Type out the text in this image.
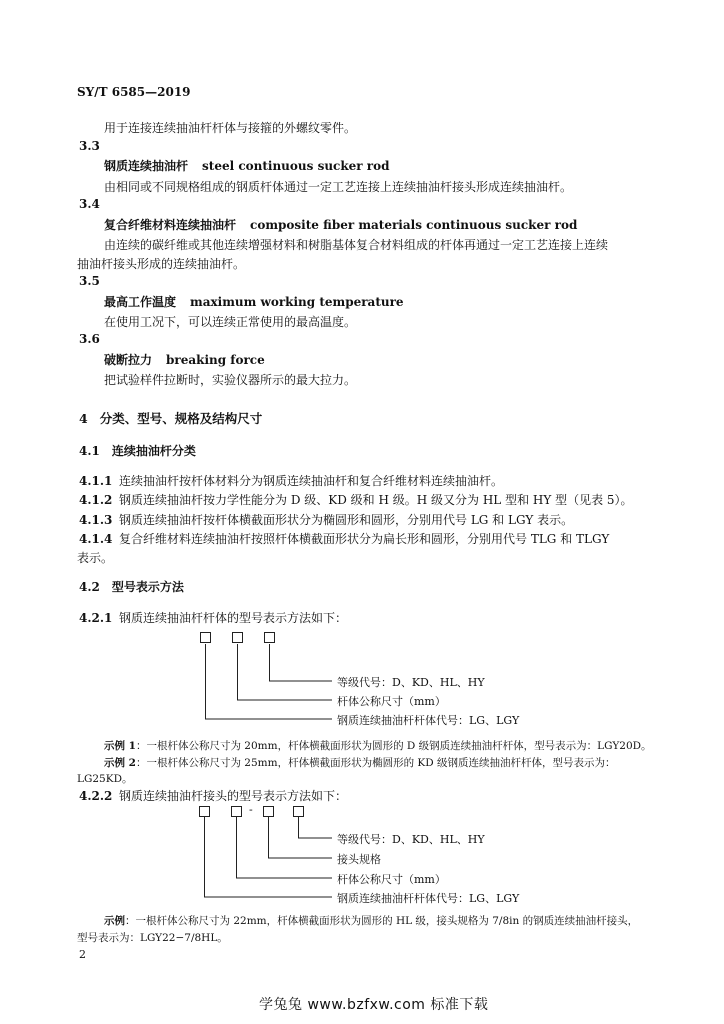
SY/T 6585—2019
用于连接连续抽油杆杆体与接箍的外螺纹零件。
3.3
钢质连续抽油杆 steel continuous sucker rod
由相同或不同规格组成的钢质杆体通过一定工艺连接上连续抽油杆接头形成连续抽油杆。
3.4
复合纤维材料连续抽油杆 composite fiber materials continuous sucker rod
由连续的碳纤维或其他连续增强材料和树脂基体复合材料组成的杆体再通过一定工艺连接上连续
抽油杆接头形成的连续抽油杆。
3.5
最高工作温度 maximum working temperature
在使用工况下，可以连续正常使用的最高温度。
3.6
破断拉力 breaking force
把试验样件拉断时，实验仪器所示的最大拉力。
4 分类、型号、规格及结构尺寸
4.1 连续抽油杆分类
4.1.1 连续抽油杆按杆体材料分为钢质连续抽油杆和复合纤维材料连续抽油杆。
4.1.2 钢质连续抽油杆按力学性能分为 D 级、KD 级和 H 级。H 级又分为 HL 型和 HY 型（见表 5）。
4.1.3 钢质连续抽油杆按杆体横截面形状分为椭圆形和圆形，分别用代号 LG 和 LGY 表示。
4.1.4 复合纤维材料连续抽油杆按照杆体横截面形状分为扁长形和圆形，分别用代号 TLG 和 TLGY
表示。
4.2 型号表示方法
4.2.1 钢质连续抽油杆杆体的型号表示方法如下：
等级代号：D、KD、HL、HY
杆体公称尺寸（mm）
钢质连续抽油杆杆体代号：LG、LGY
示例 1：一根杆体公称尺寸为 20mm，杆体横截面形状为圆形的 D 级钢质连续抽油杆杆体，型号表示为：LGY20D。
示例 2：一根杆体公称尺寸为 25mm，杆体横截面形状为椭圆形的 KD 级钢质连续抽油杆杆体，型号表示为：
LG25KD。
4.2.2 钢质连续抽油杆接头的型号表示方法如下：
-
等级代号：D、KD、HL、HY
接头规格
杆体公称尺寸（mm）
钢质连续抽油杆杆体代号：LG、LGY
示例：一根杆体公称尺寸为 22mm，杆体横截面形状为圆形的 HL 级，接头规格为 7/8in 的钢质连续抽油杆接头，
型号表示为：LGY22−7/8HL。
2
学兔兔 www.bzfxw.com 标准下载
